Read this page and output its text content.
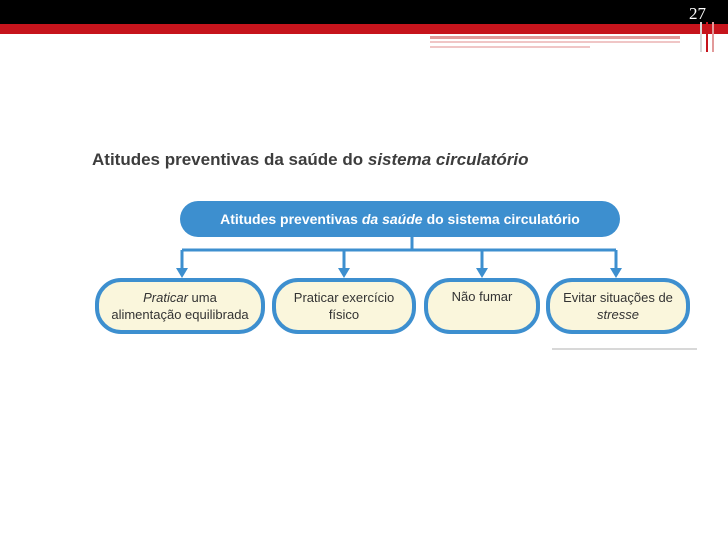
27
Atitudes preventivas da saúde do sistema circulatório
Atitudes preventivas da saúde do sistema circulatório
Praticar uma
alimentação equilibrada
Praticar exercício
físico
Não fumar	Evitar situações de
stresse
